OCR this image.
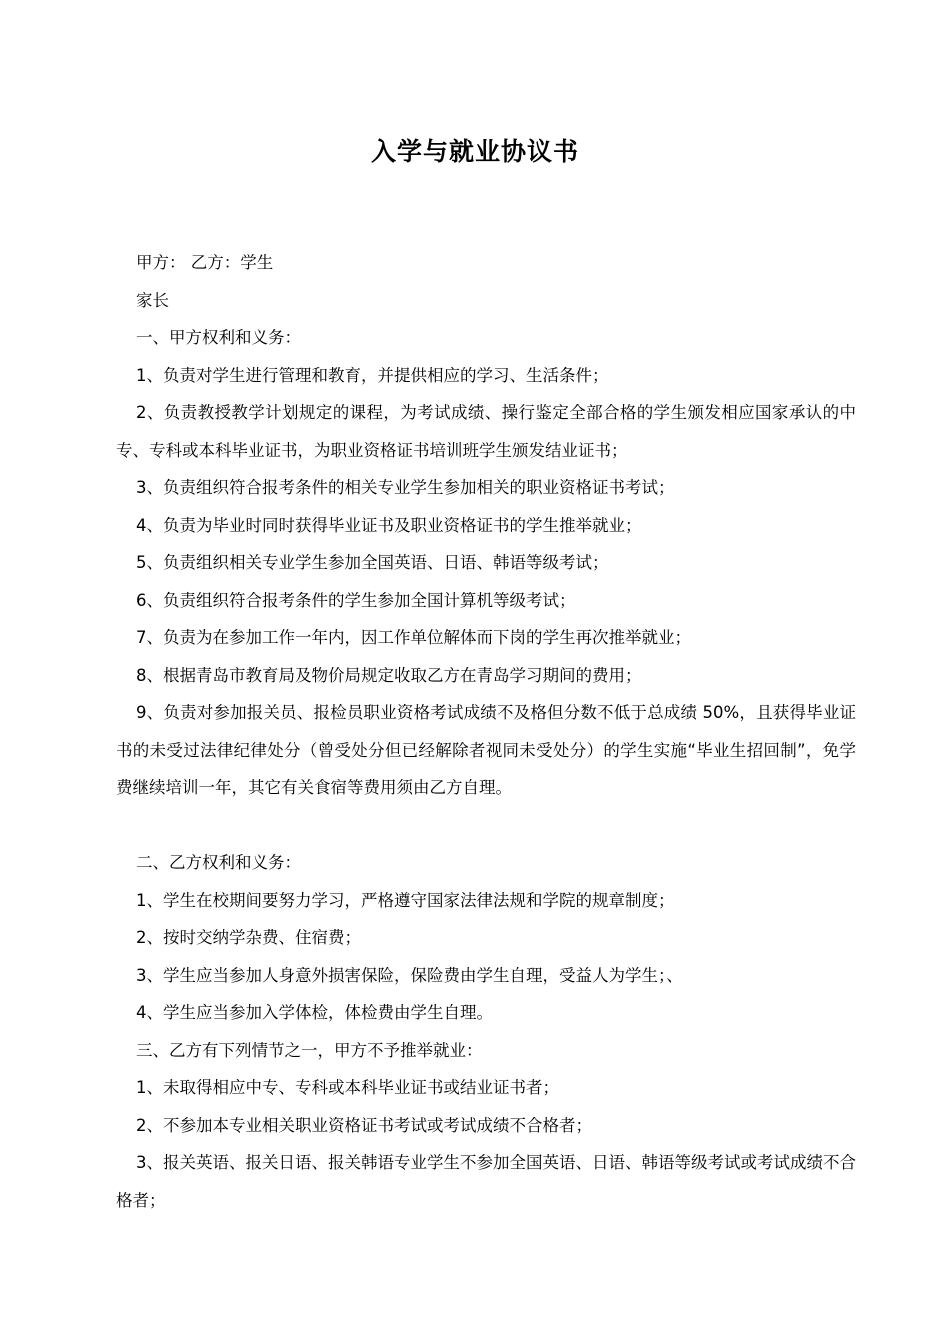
入学与就业协议书

甲方： 乙方：学生

家长

一、甲方权利和义务：

1、负责对学生进行管理和教育，并提供相应的学习、生活条件；

2、负责教授教学计划规定的课程，为考试成绩、操行鉴定全部合格的学生颁发相应国家承认的中专、专科或本科毕业证书，为职业资格证书培训班学生颁发结业证书；

3、负责组织符合报考条件的相关专业学生参加相关的职业资格证书考试；

4、负责为毕业时同时获得毕业证书及职业资格证书的学生推举就业；

5、负责组织相关专业学生参加全国英语、日语、韩语等级考试；

6、负责组织符合报考条件的学生参加全国计算机等级考试；

7、负责为在参加工作一年内，因工作单位解体而下岗的学生再次推举就业；

8、根据青岛市教育局及物价局规定收取乙方在青岛学习期间的费用；

9、负责对参加报关员、报检员职业资格考试成绩不及格但分数不低于总成绩 50%，且获得毕业证书的未受过法律纪律处分（曾受处分但已经解除者视同未受处分）的学生实施“毕业生招回制”，免学费继续培训一年，其它有关食宿等费用须由乙方自理。

二、乙方权利和义务：

1、学生在校期间要努力学习，严格遵守国家法律法规和学院的规章制度；

2、按时交纳学杂费、住宿费；

3、学生应当参加人身意外损害保险，保险费由学生自理，受益人为学生；、

4、学生应当参加入学体检，体检费由学生自理。

三、乙方有下列情节之一，甲方不予推举就业：

1、未取得相应中专、专科或本科毕业证书或结业证书者；

2、不参加本专业相关职业资格证书考试或考试成绩不合格者；

3、报关英语、报关日语、报关韩语专业学生不参加全国英语、日语、韩语等级考试或考试成绩不合格者；
